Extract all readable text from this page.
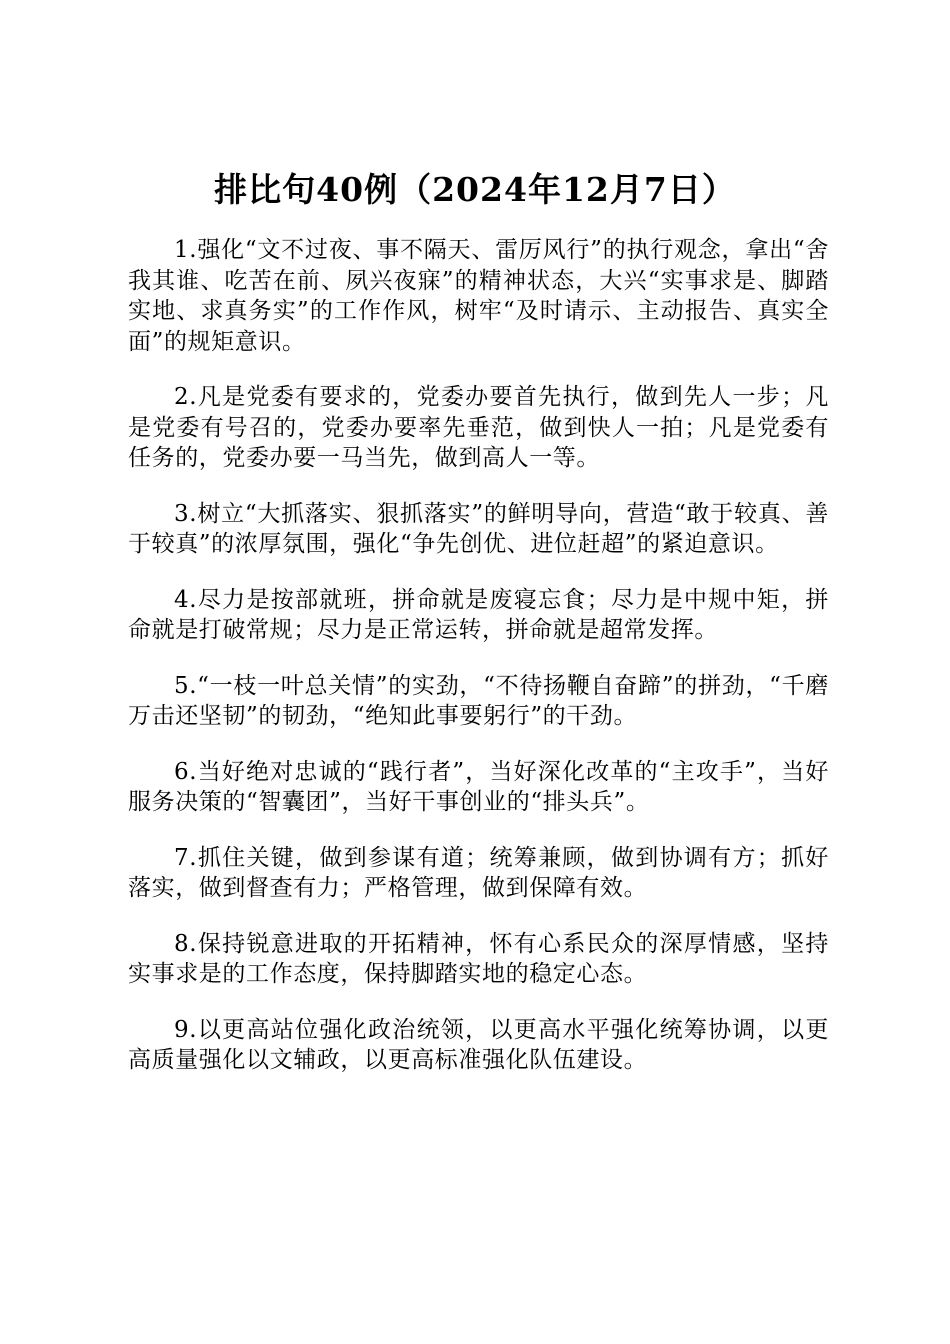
排比句40例（2024年12月7日）

1.强化“文不过夜、事不隔天、雷厉风行”的执行观念，拿出“舍我其谁、吃苦在前、夙兴夜寐”的精神状态，大兴“实事求是、脚踏实地、求真务实”的工作作风，树牢“及时请示、主动报告、真实全面”的规矩意识。

2.凡是党委有要求的，党委办要首先执行，做到先人一步；凡是党委有号召的，党委办要率先垂范，做到快人一拍；凡是党委有任务的，党委办要一马当先，做到高人一等。

3.树立“大抓落实、狠抓落实”的鲜明导向，营造“敢于较真、善于较真”的浓厚氛围，强化“争先创优、进位赶超”的紧迫意识。

4.尽力是按部就班，拼命就是废寝忘食；尽力是中规中矩，拼命就是打破常规；尽力是正常运转，拼命就是超常发挥。

5.“一枝一叶总关情”的实劲，“不待扬鞭自奋蹄”的拼劲，“千磨万击还坚韧”的韧劲，“绝知此事要躬行”的干劲。

6.当好绝对忠诚的“践行者”，当好深化改革的“主攻手”，当好服务决策的“智囊团”，当好干事创业的“排头兵”。

7.抓住关键，做到参谋有道；统筹兼顾，做到协调有方；抓好落实，做到督查有力；严格管理，做到保障有效。

8.保持锐意进取的开拓精神，怀有心系民众的深厚情感，坚持实事求是的工作态度，保持脚踏实地的稳定心态。

9.以更高站位强化政治统领，以更高水平强化统筹协调，以更高质量强化以文辅政，以更高标准强化队伍建设。
